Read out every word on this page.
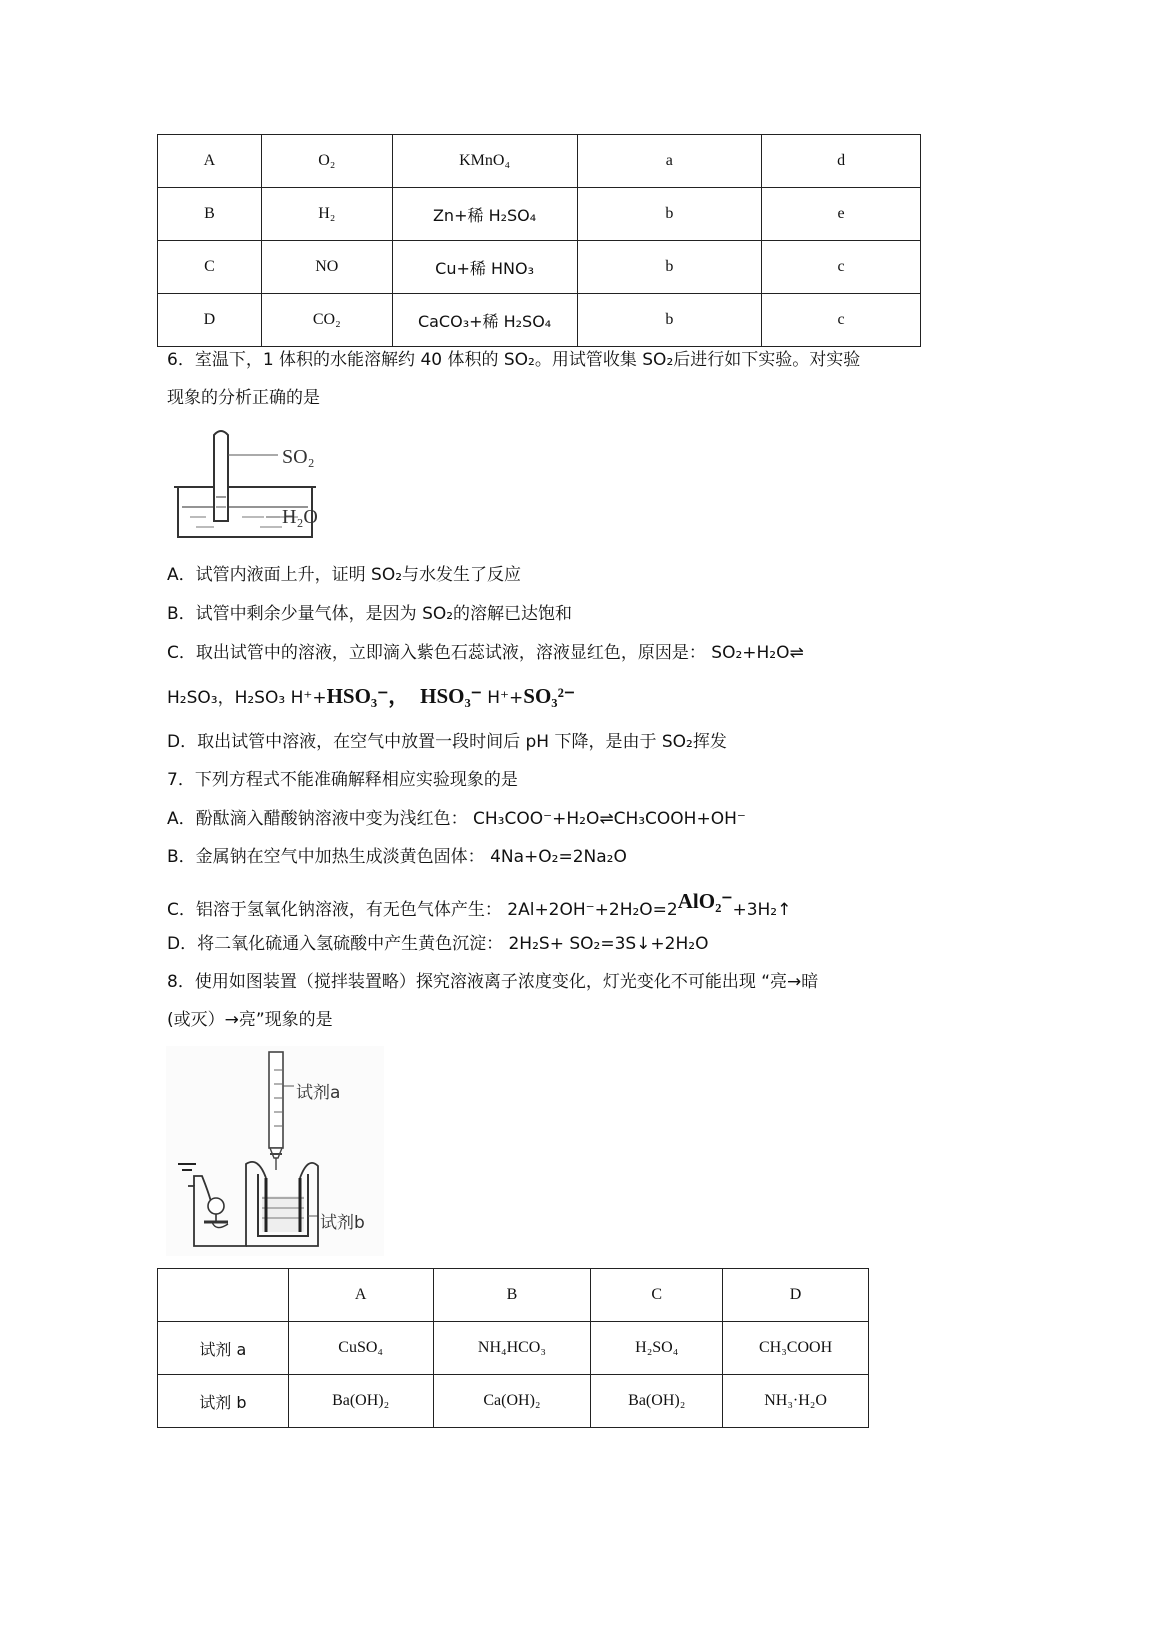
A	O₂	KMnO₄	a	d
B	H₂	Zn+稀 H₂SO₄	b	e
C	NO	Cu+稀 HNO₃	b	c
D	CO₂	CaCO₃+稀 H₂SO₄	b	c
6．室温下，1 体积的水能溶解约 40 体积的 SO₂。用试管收集 SO₂后进行如下实验。对实验
现象的分析正确的是
SO₂
H₂O
A．试管内液面上升，证明 SO₂与水发生了反应
B．试管中剩余少量气体，是因为 SO₂的溶解已达饱和
C．取出试管中的溶液，立即滴入紫色石蕊试液，溶液显红色，原因是： SO₂+H₂O⇌
H₂SO₃，H₂SO₃ H⁺+HSO₃⁻， HSO₃⁻ H⁺+SO₃²⁻
D．取出试管中溶液，在空气中放置一段时间后 pH 下降，是由于 SO₂挥发
7．下列方程式不能准确解释相应实验现象的是
A．酚酞滴入醋酸钠溶液中变为浅红色： CH₃COO⁻+H₂O⇌CH₃COOH+OH⁻
B．金属钠在空气中加热生成淡黄色固体： 4Na+O₂=2Na₂O
C．铝溶于氢氧化钠溶液，有无色气体产生： 2Al+2OH⁻+2H₂O=2AlO₂⁻+3H₂↑
D．将二氧化硫通入氢硫酸中产生黄色沉淀： 2H₂S+ SO₂=3S↓+2H₂O
8．使用如图装置（搅拌装置略）探究溶液离子浓度变化，灯光变化不可能出现 “亮→暗
(或灭）→亮”现象的是
试剂a
试剂b
	A	B	C	D
试剂 a	CuSO₄	NH₄HCO₃	H₂SO₄	CH₃COOH
试剂 b	Ba(OH)₂	Ca(OH)₂	Ba(OH)₂	NH₃·H₂O
